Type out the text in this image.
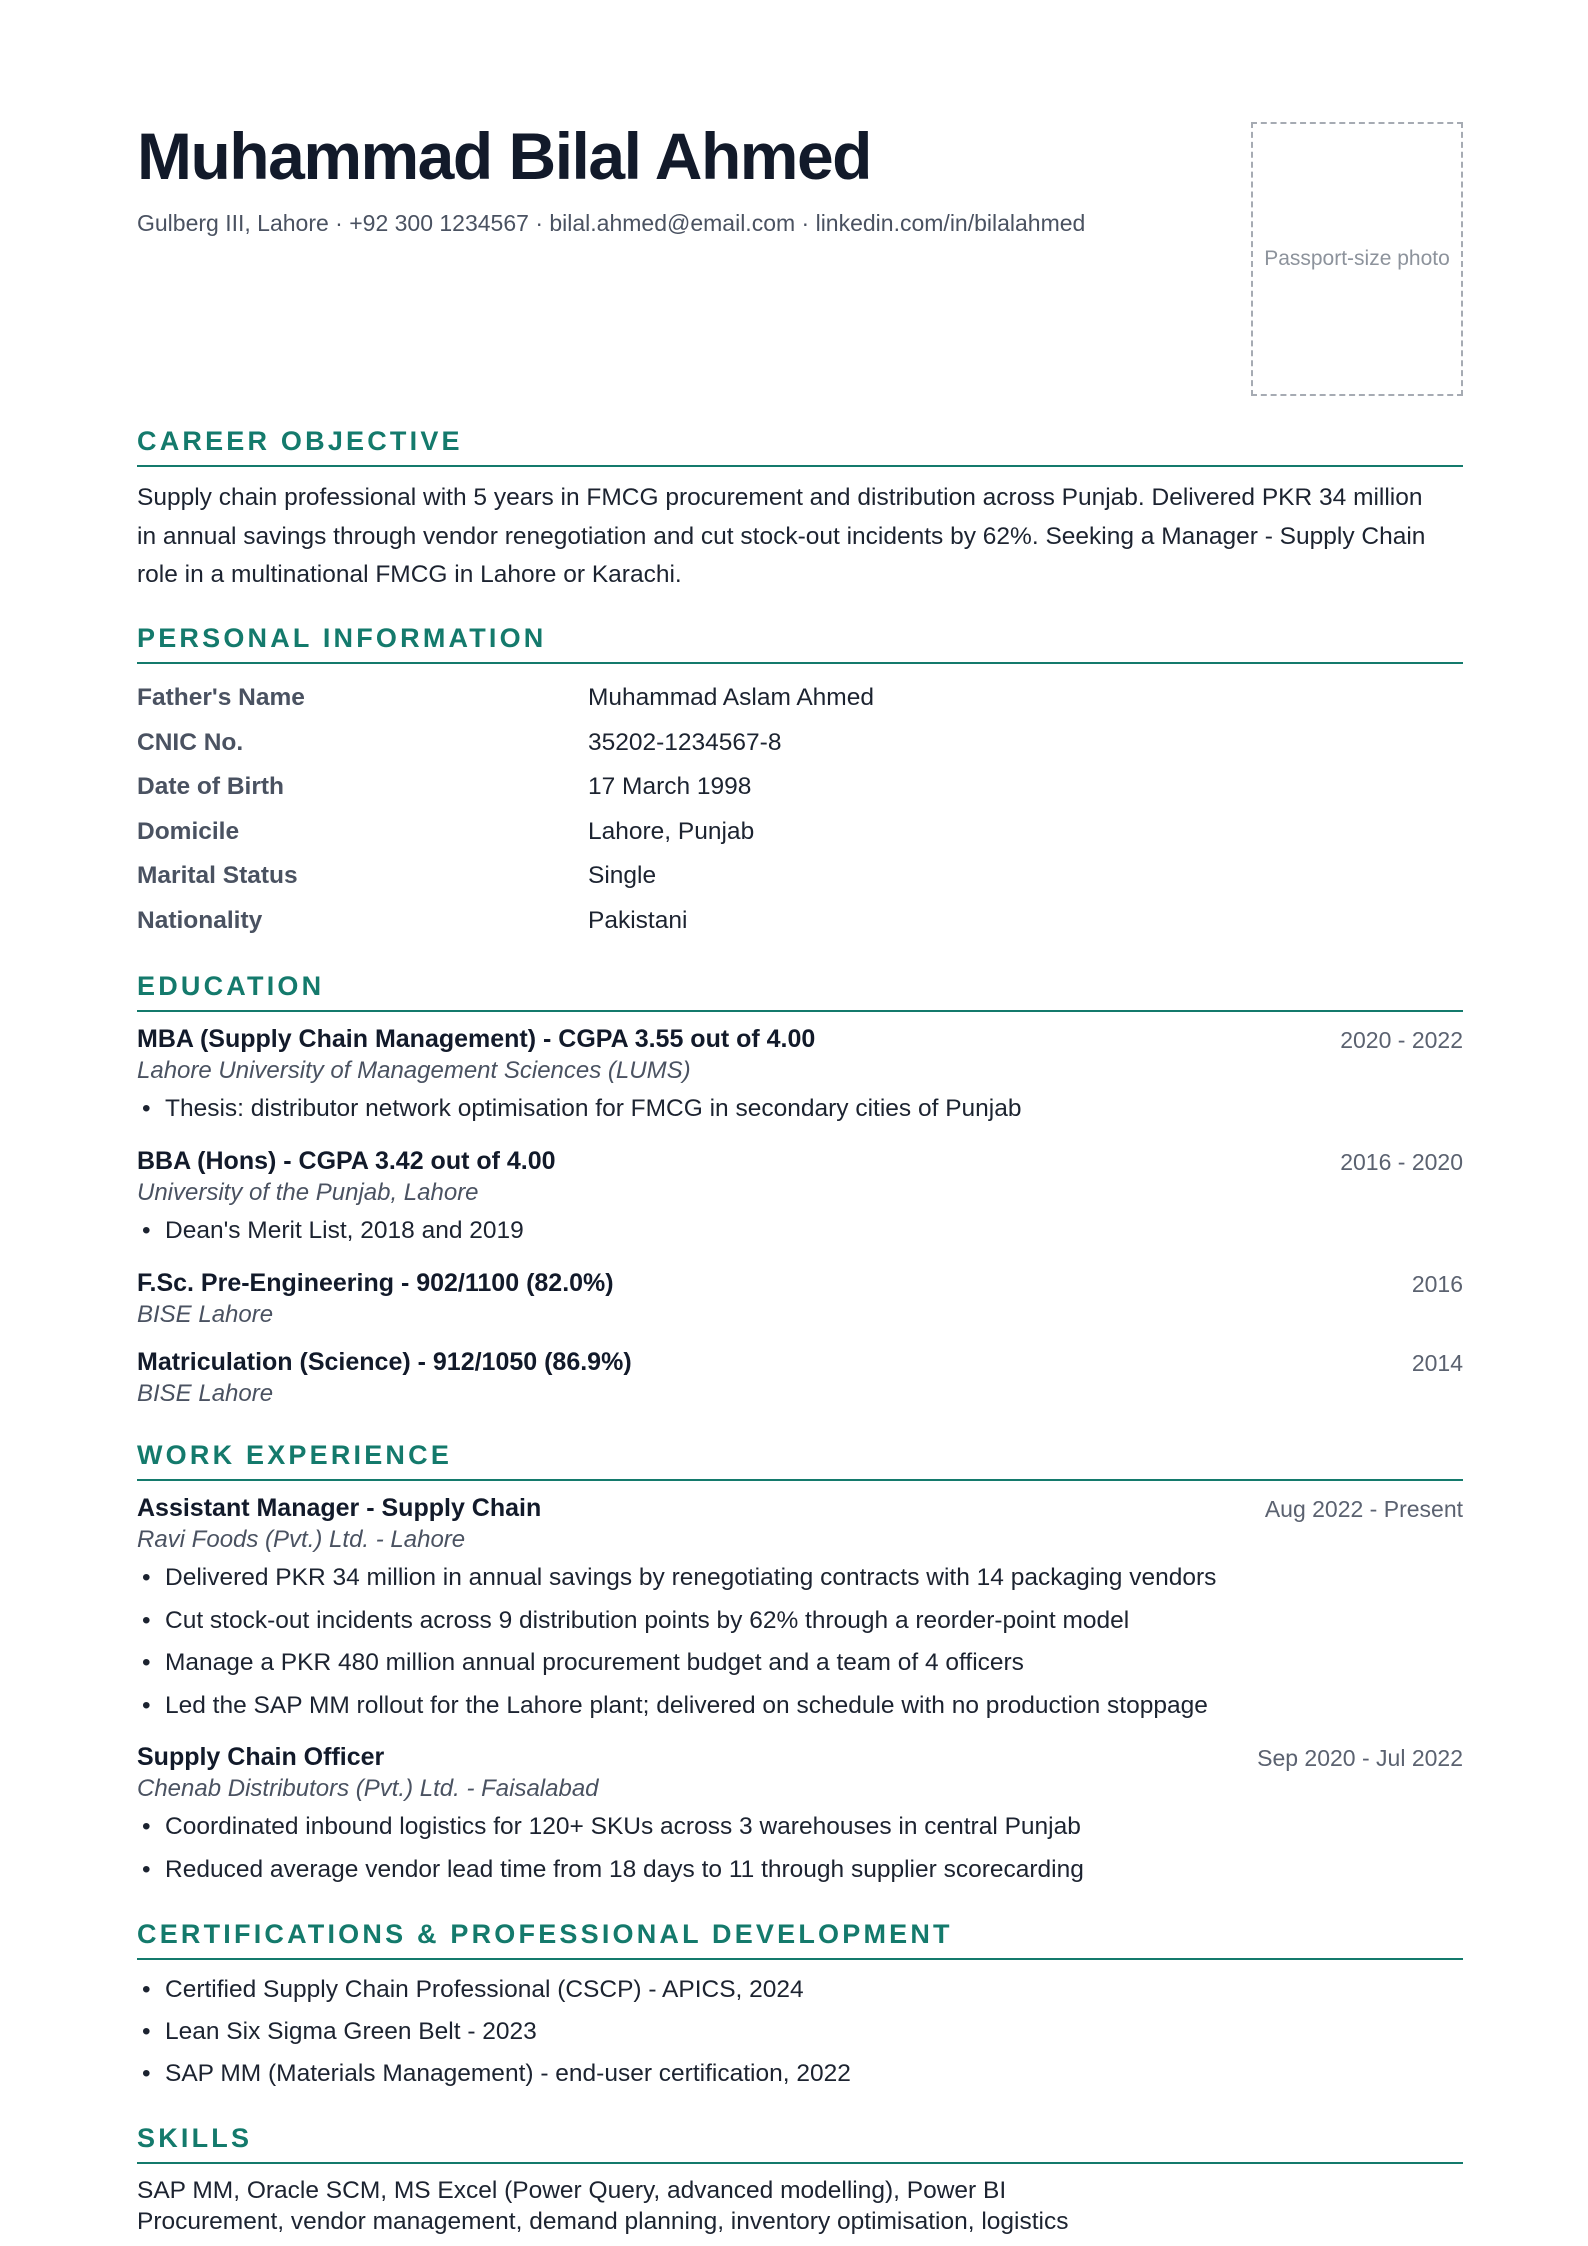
Muhammad Bilal Ahmed
Gulberg III, Lahore · +92 300 1234567 · bilal.ahmed@email.com · linkedin.com/in/bilalahmed
Passport-size photo
CAREER OBJECTIVE

Supply chain professional with 5 years in FMCG procurement and distribution across Punjab. Delivered PKR 34 million in annual savings through vendor renegotiation and cut stock-out incidents by 62%. Seeking a Manager - Supply Chain role in a multinational FMCG in Lahore or Karachi.

PERSONAL INFORMATION
Father's Name	Muhammad Aslam Ahmed
CNIC No.	35202-1234567-8
Date of Birth	17 March 1998
Domicile	Lahore, Punjab
Marital Status	Single
Nationality	Pakistani
EDUCATION
MBA (Supply Chain Management) - CGPA 3.55 out of 4.00	2020 - 2022
Lahore University of Management Sciences (LUMS)
• Thesis: distributor network optimisation for FMCG in secondary cities of Punjab
BBA (Hons) - CGPA 3.42 out of 4.00	2016 - 2020
University of the Punjab, Lahore
• Dean's Merit List, 2018 and 2019
F.Sc. Pre-Engineering - 902/1100 (82.0%)	2016
BISE Lahore
Matriculation (Science) - 912/1050 (86.9%)	2014
BISE Lahore
WORK EXPERIENCE
Assistant Manager - Supply Chain	Aug 2022 - Present
Ravi Foods (Pvt.) Ltd. - Lahore
• Delivered PKR 34 million in annual savings by renegotiating contracts with 14 packaging vendors
• Cut stock-out incidents across 9 distribution points by 62% through a reorder-point model
• Manage a PKR 480 million annual procurement budget and a team of 4 officers
• Led the SAP MM rollout for the Lahore plant; delivered on schedule with no production stoppage
Supply Chain Officer	Sep 2020 - Jul 2022
Chenab Distributors (Pvt.) Ltd. - Faisalabad
• Coordinated inbound logistics for 120+ SKUs across 3 warehouses in central Punjab
• Reduced average vendor lead time from 18 days to 11 through supplier scorecarding
CERTIFICATIONS & PROFESSIONAL DEVELOPMENT
• Certified Supply Chain Professional (CSCP) - APICS, 2024
• Lean Six Sigma Green Belt - 2023
• SAP MM (Materials Management) - end-user certification, 2022
SKILLS
SAP MM, Oracle SCM, MS Excel (Power Query, advanced modelling), Power BI
Procurement, vendor management, demand planning, inventory optimisation, logistics
